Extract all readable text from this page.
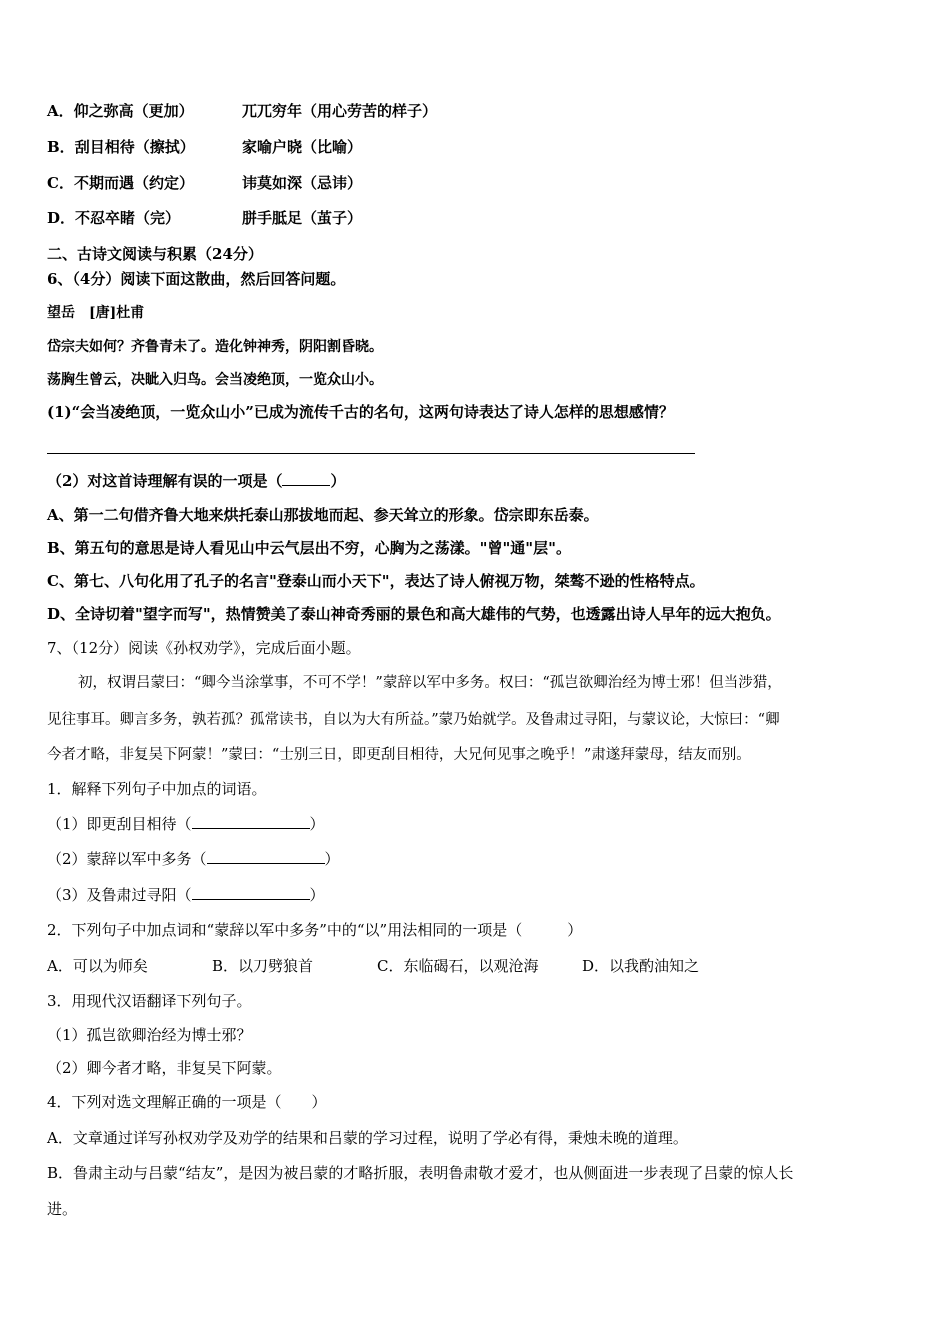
A．仰之弥高（更加）	兀兀穷年（用心劳苦的样子）
B．刮目相待（擦拭）	家喻户晓（比喻）
C．不期而遇（约定）	讳莫如深（忌讳）
D．不忍卒睹（完）	胼手胝足（茧子）
二、古诗文阅读与积累（24分）
6、（4分）阅读下面这散曲，然后回答问题。
望岳　[唐]杜甫
岱宗夫如何？齐鲁青未了。造化钟神秀，阴阳割昏晓。
荡胸生曾云，决眦入归鸟。会当凌绝顶，一览众山小。
(1)“会当凌绝顶，一览众山小”已成为流传千古的名句，这两句诗表达了诗人怎样的思想感情？
（2）对这首诗理解有误的一项是（	）
A、第一二句借齐鲁大地来烘托泰山那拔地而起、参天耸立的形象。岱宗即东岳泰。
B、第五句的意思是诗人看见山中云气层出不穷，心胸为之荡漾。"曾"通"层"。
C、第七、八句化用了孔子的名言"登泰山而小天下"，表达了诗人俯视万物，桀骜不逊的性格特点。
D、全诗切着"望字而写"，热情赞美了泰山神奇秀丽的景色和高大雄伟的气势，也透露出诗人早年的远大抱负。
7、（12分）阅读《孙权劝学》，完成后面小题。
初，权谓吕蒙曰：“卿今当涂掌事，不可不学！”蒙辞以军中多务。权曰：“孤岂欲卿治经为博士邪！但当涉猎，
见往事耳。卿言多务，孰若孤？孤常读书，自以为大有所益。”蒙乃始就学。及鲁肃过寻阳，与蒙议论，大惊曰：“卿
今者才略，非复吴下阿蒙！”蒙曰：“士别三日，即更刮目相待，大兄何见事之晚乎！”肃遂拜蒙母，结友而别。
1．解释下列句子中加点的词语。
（1）即更刮目相待（	）
（2）蒙辞以军中多务（	）
（3）及鲁肃过寻阳（	）
2．下列句子中加点词和“蒙辞以军中多务”中的“以”用法相同的一项是（　　　）
A．可以为师矣	B．以刀劈狼首	C．东临碣石，以观沧海	D．以我酌油知之
3．用现代汉语翻译下列句子。
（1）孤岂欲卿治经为博士邪？
（2）卿今者才略，非复吴下阿蒙。
4．下列对选文理解正确的一项是（　　）
A．文章通过详写孙权劝学及劝学的结果和吕蒙的学习过程，说明了学必有得，秉烛未晚的道理。
B．鲁肃主动与吕蒙“结友”，是因为被吕蒙的才略折服，表明鲁肃敬才爱才，也从侧面进一步表现了吕蒙的惊人长
进。
